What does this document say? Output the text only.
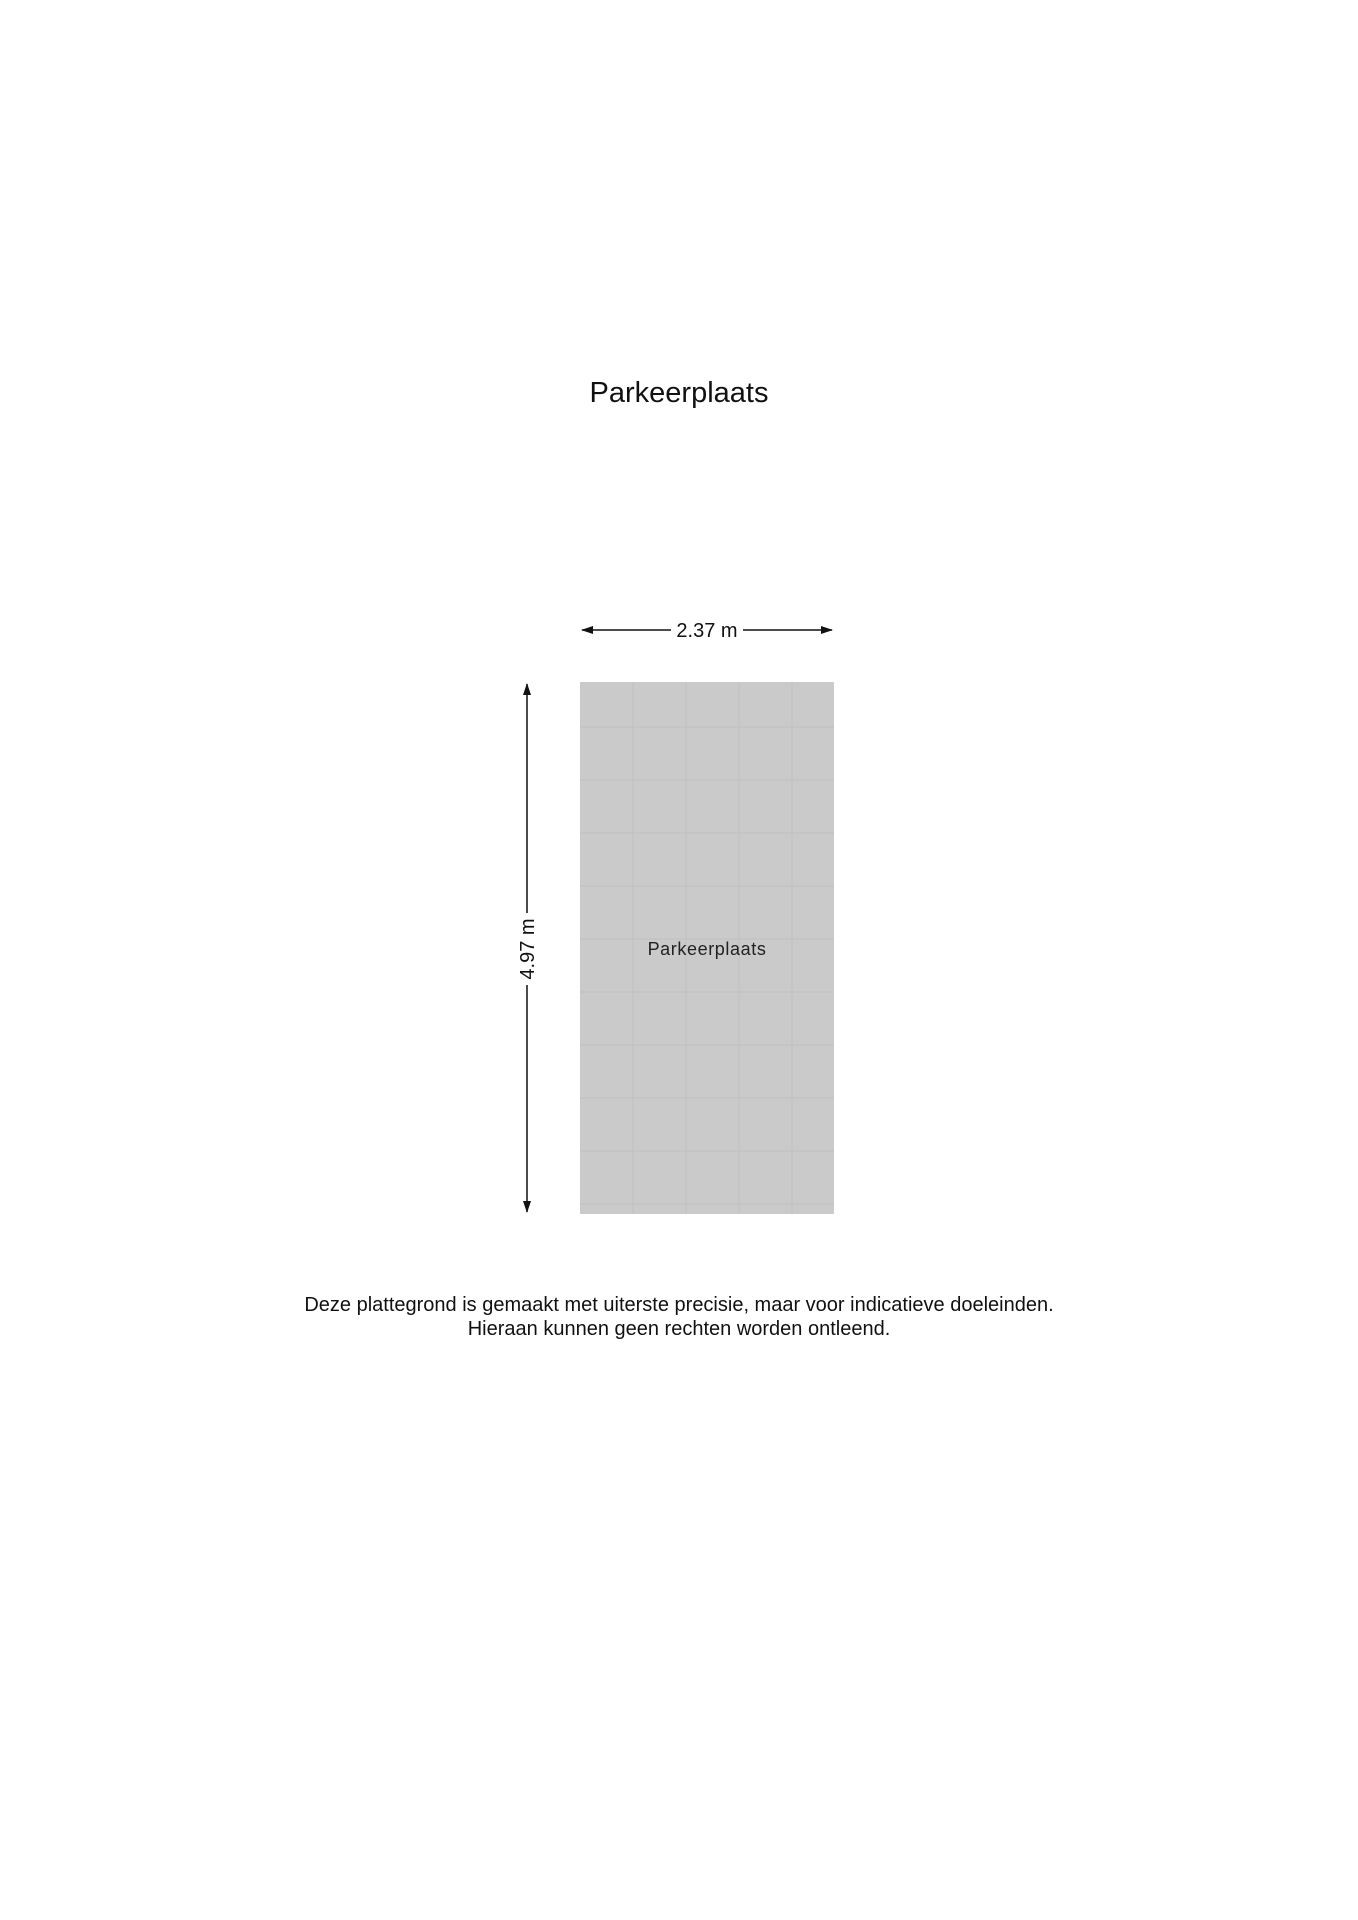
Parkeerplaats
Parkeerplaats
2.37 m
4.97 m
Deze plattegrond is gemaakt met uiterste precisie, maar voor indicatieve doeleinden.
Hieraan kunnen geen rechten worden ontleend.
